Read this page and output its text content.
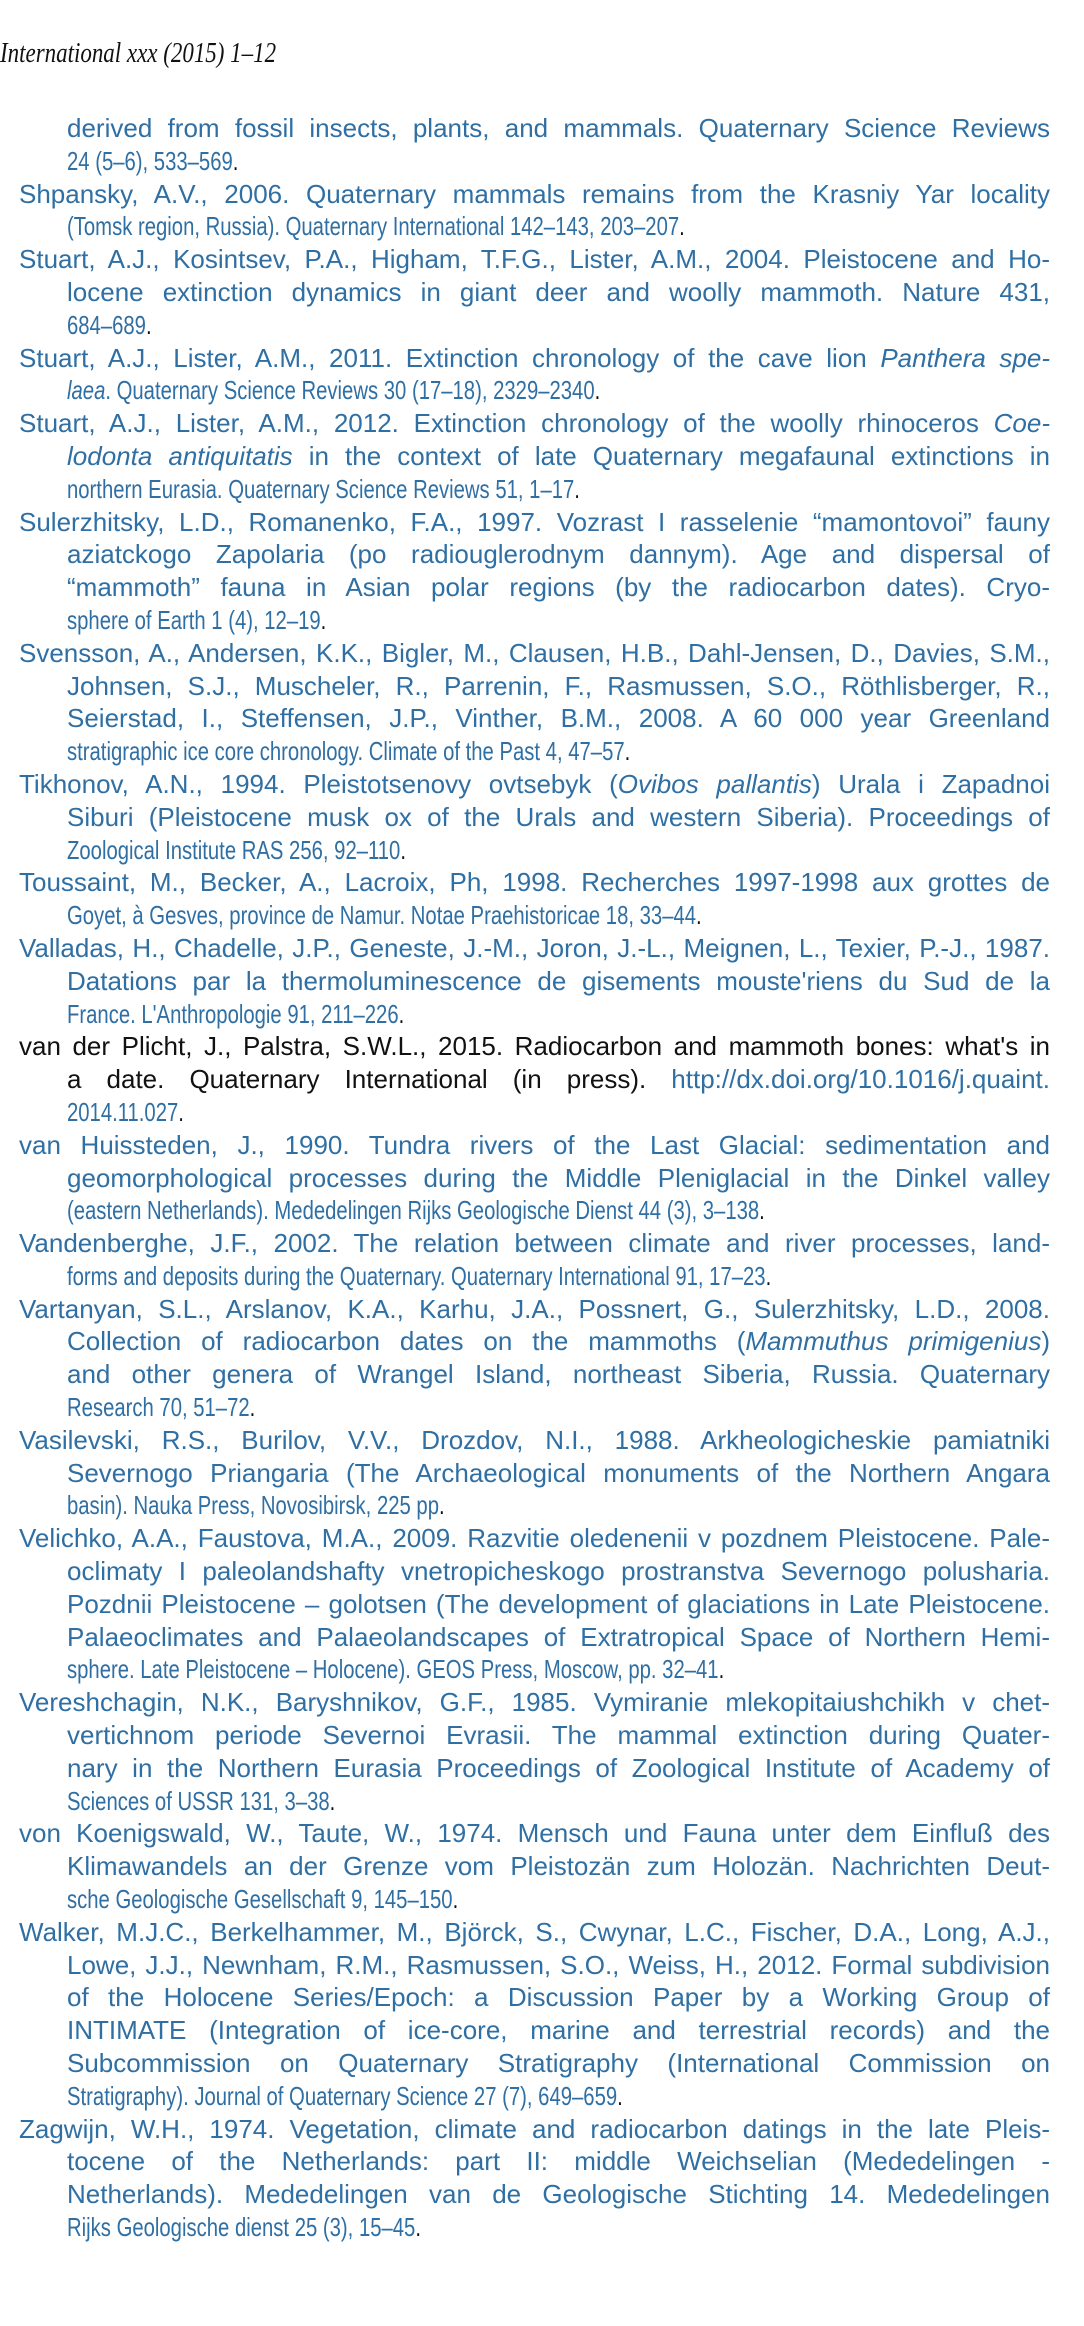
International xxx (2015) 1–12
derived from fossil insects, plants, and mammals. Quaternary Science Reviews
24 (5–6), 533–569.
Shpansky, A.V., 2006. Quaternary mammals remains from the Krasniy Yar locality
(Tomsk region, Russia). Quaternary International 142–143, 203–207.
Stuart, A.J., Kosintsev, P.A., Higham, T.F.G., Lister, A.M., 2004. Pleistocene and Ho-
locene extinction dynamics in giant deer and woolly mammoth. Nature 431,
684–689.
Stuart, A.J., Lister, A.M., 2011. Extinction chronology of the cave lion Panthera spe-
laea. Quaternary Science Reviews 30 (17–18), 2329–2340.
Stuart, A.J., Lister, A.M., 2012. Extinction chronology of the woolly rhinoceros Coe-
lodonta antiquitatis in the context of late Quaternary megafaunal extinctions in
northern Eurasia. Quaternary Science Reviews 51, 1–17.
Sulerzhitsky, L.D., Romanenko, F.A., 1997. Vozrast I rasselenie “mamontovoi” fauny
aziatckogo Zapolaria (po radiouglerodnym dannym). Age and dispersal of
“mammoth” fauna in Asian polar regions (by the radiocarbon dates). Cryo-
sphere of Earth 1 (4), 12–19.
Svensson, A., Andersen, K.K., Bigler, M., Clausen, H.B., Dahl-Jensen, D., Davies, S.M.,
Johnsen, S.J., Muscheler, R., Parrenin, F., Rasmussen, S.O., Röthlisberger, R.,
Seierstad, I., Steffensen, J.P., Vinther, B.M., 2008. A 60 000 year Greenland
stratigraphic ice core chronology. Climate of the Past 4, 47–57.
Tikhonov, A.N., 1994. Pleistotsenovy ovtsebyk (Ovibos pallantis) Urala i Zapadnoi
Siburi (Pleistocene musk ox of the Urals and western Siberia). Proceedings of
Zoological Institute RAS 256, 92–110.
Toussaint, M., Becker, A., Lacroix, Ph, 1998. Recherches 1997-1998 aux grottes de
Goyet, à Gesves, province de Namur. Notae Praehistoricae 18, 33–44.
Valladas, H., Chadelle, J.P., Geneste, J.-M., Joron, J.-L., Meignen, L., Texier, P.-J., 1987.
Datations par la thermoluminescence de gisements mouste'riens du Sud de la
France. L'Anthropologie 91, 211–226.
van der Plicht, J., Palstra, S.W.L., 2015. Radiocarbon and mammoth bones: what's in
a date. Quaternary International (in press). http://dx.doi.org/10.1016/j.quaint.
2014.11.027.
van Huissteden, J., 1990. Tundra rivers of the Last Glacial: sedimentation and
geomorphological processes during the Middle Pleniglacial in the Dinkel valley
(eastern Netherlands). Mededelingen Rijks Geologische Dienst 44 (3), 3–138.
Vandenberghe, J.F., 2002. The relation between climate and river processes, land-
forms and deposits during the Quaternary. Quaternary International 91, 17–23.
Vartanyan, S.L., Arslanov, K.A., Karhu, J.A., Possnert, G., Sulerzhitsky, L.D., 2008.
Collection of radiocarbon dates on the mammoths (Mammuthus primigenius)
and other genera of Wrangel Island, northeast Siberia, Russia. Quaternary
Research 70, 51–72.
Vasilevski, R.S., Burilov, V.V., Drozdov, N.I., 1988. Arkheologicheskie pamiatniki
Severnogo Priangaria (The Archaeological monuments of the Northern Angara
basin). Nauka Press, Novosibirsk, 225 pp.
Velichko, A.A., Faustova, M.A., 2009. Razvitie oledenenii v pozdnem Pleistocene. Pale-
oclimaty I paleolandshafty vnetropicheskogo prostranstva Severnogo polusharia.
Pozdnii Pleistocene – golotsen (The development of glaciations in Late Pleistocene.
Palaeoclimates and Palaeolandscapes of Extratropical Space of Northern Hemi-
sphere. Late Pleistocene – Holocene). GEOS Press, Moscow, pp. 32–41.
Vereshchagin, N.K., Baryshnikov, G.F., 1985. Vymiranie mlekopitaiushchikh v chet-
vertichnom periode Severnoi Evrasii. The mammal extinction during Quater-
nary in the Northern Eurasia Proceedings of Zoological Institute of Academy of
Sciences of USSR 131, 3–38.
von Koenigswald, W., Taute, W., 1974. Mensch und Fauna unter dem Einfluß des
Klimawandels an der Grenze vom Pleistozän zum Holozän. Nachrichten Deut-
sche Geologische Gesellschaft 9, 145–150.
Walker, M.J.C., Berkelhammer, M., Björck, S., Cwynar, L.C., Fischer, D.A., Long, A.J.,
Lowe, J.J., Newnham, R.M., Rasmussen, S.O., Weiss, H., 2012. Formal subdivision
of the Holocene Series/Epoch: a Discussion Paper by a Working Group of
INTIMATE (Integration of ice-core, marine and terrestrial records) and the
Subcommission on Quaternary Stratigraphy (International Commission on
Stratigraphy). Journal of Quaternary Science 27 (7), 649–659.
Zagwijn, W.H., 1974. Vegetation, climate and radiocarbon datings in the late Pleis-
tocene of the Netherlands: part II: middle Weichselian (Mededelingen -
Netherlands). Mededelingen van de Geologische Stichting 14. Mededelingen
Rijks Geologische dienst 25 (3), 15–45.
